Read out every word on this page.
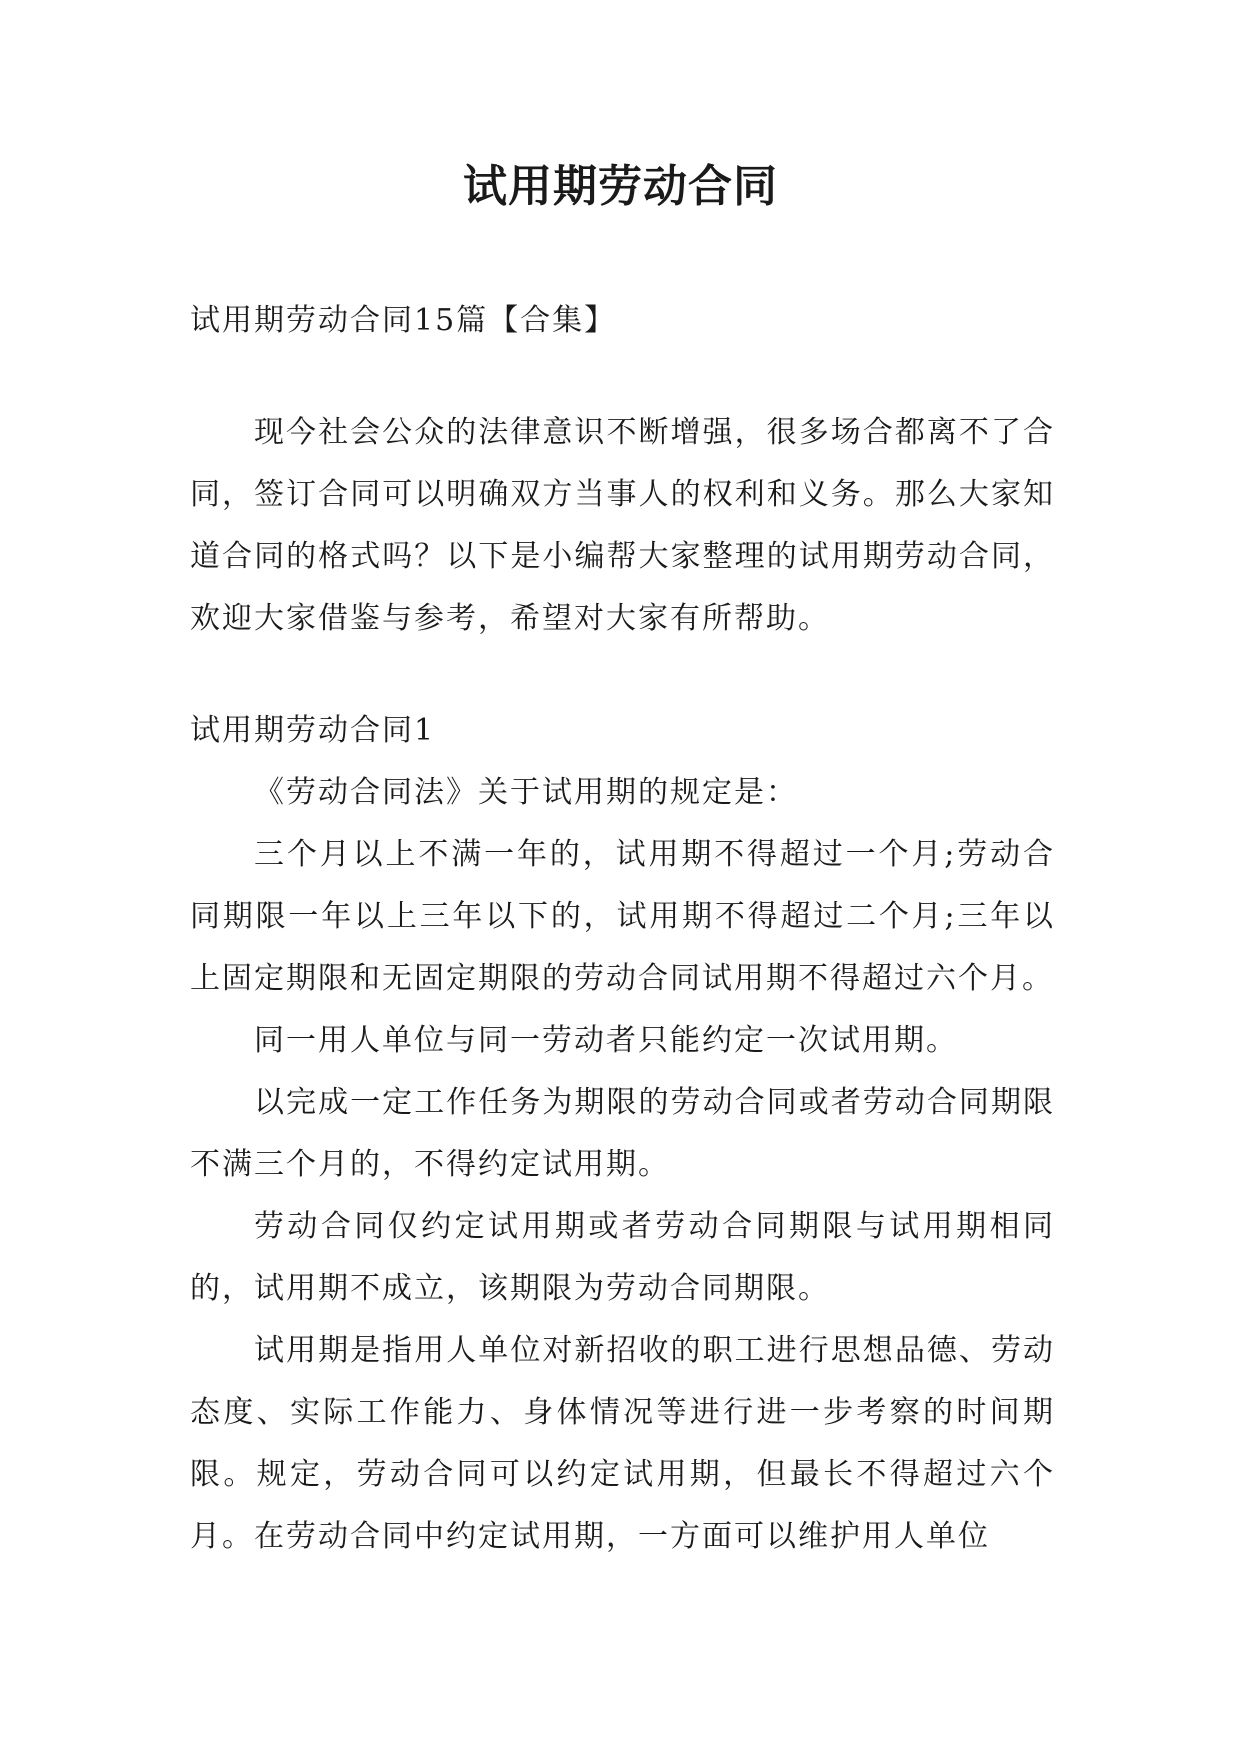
试用期劳动合同

试用期劳动合同15篇【合集】

现今社会公众的法律意识不断增强，很多场合都离不了合同，签订合同可以明确双方当事人的权利和义务。那么大家知道合同的格式吗？以下是小编帮大家整理的试用期劳动合同，欢迎大家借鉴与参考，希望对大家有所帮助。

试用期劳动合同1

《劳动合同法》关于试用期的规定是：

三个月以上不满一年的，试用期不得超过一个月;劳动合同期限一年以上三年以下的，试用期不得超过二个月;三年以上固定期限和无固定期限的劳动合同试用期不得超过六个月。

同一用人单位与同一劳动者只能约定一次试用期。

以完成一定工作任务为期限的劳动合同或者劳动合同期限不满三个月的，不得约定试用期。

劳动合同仅约定试用期或者劳动合同期限与试用期相同的，试用期不成立，该期限为劳动合同期限。

试用期是指用人单位对新招收的职工进行思想品德、劳动态度、实际工作能力、身体情况等进行进一步考察的时间期限。规定，劳动合同可以约定试用期，但最长不得超过六个月。在劳动合同中约定试用期，一方面可以维护用人单位
